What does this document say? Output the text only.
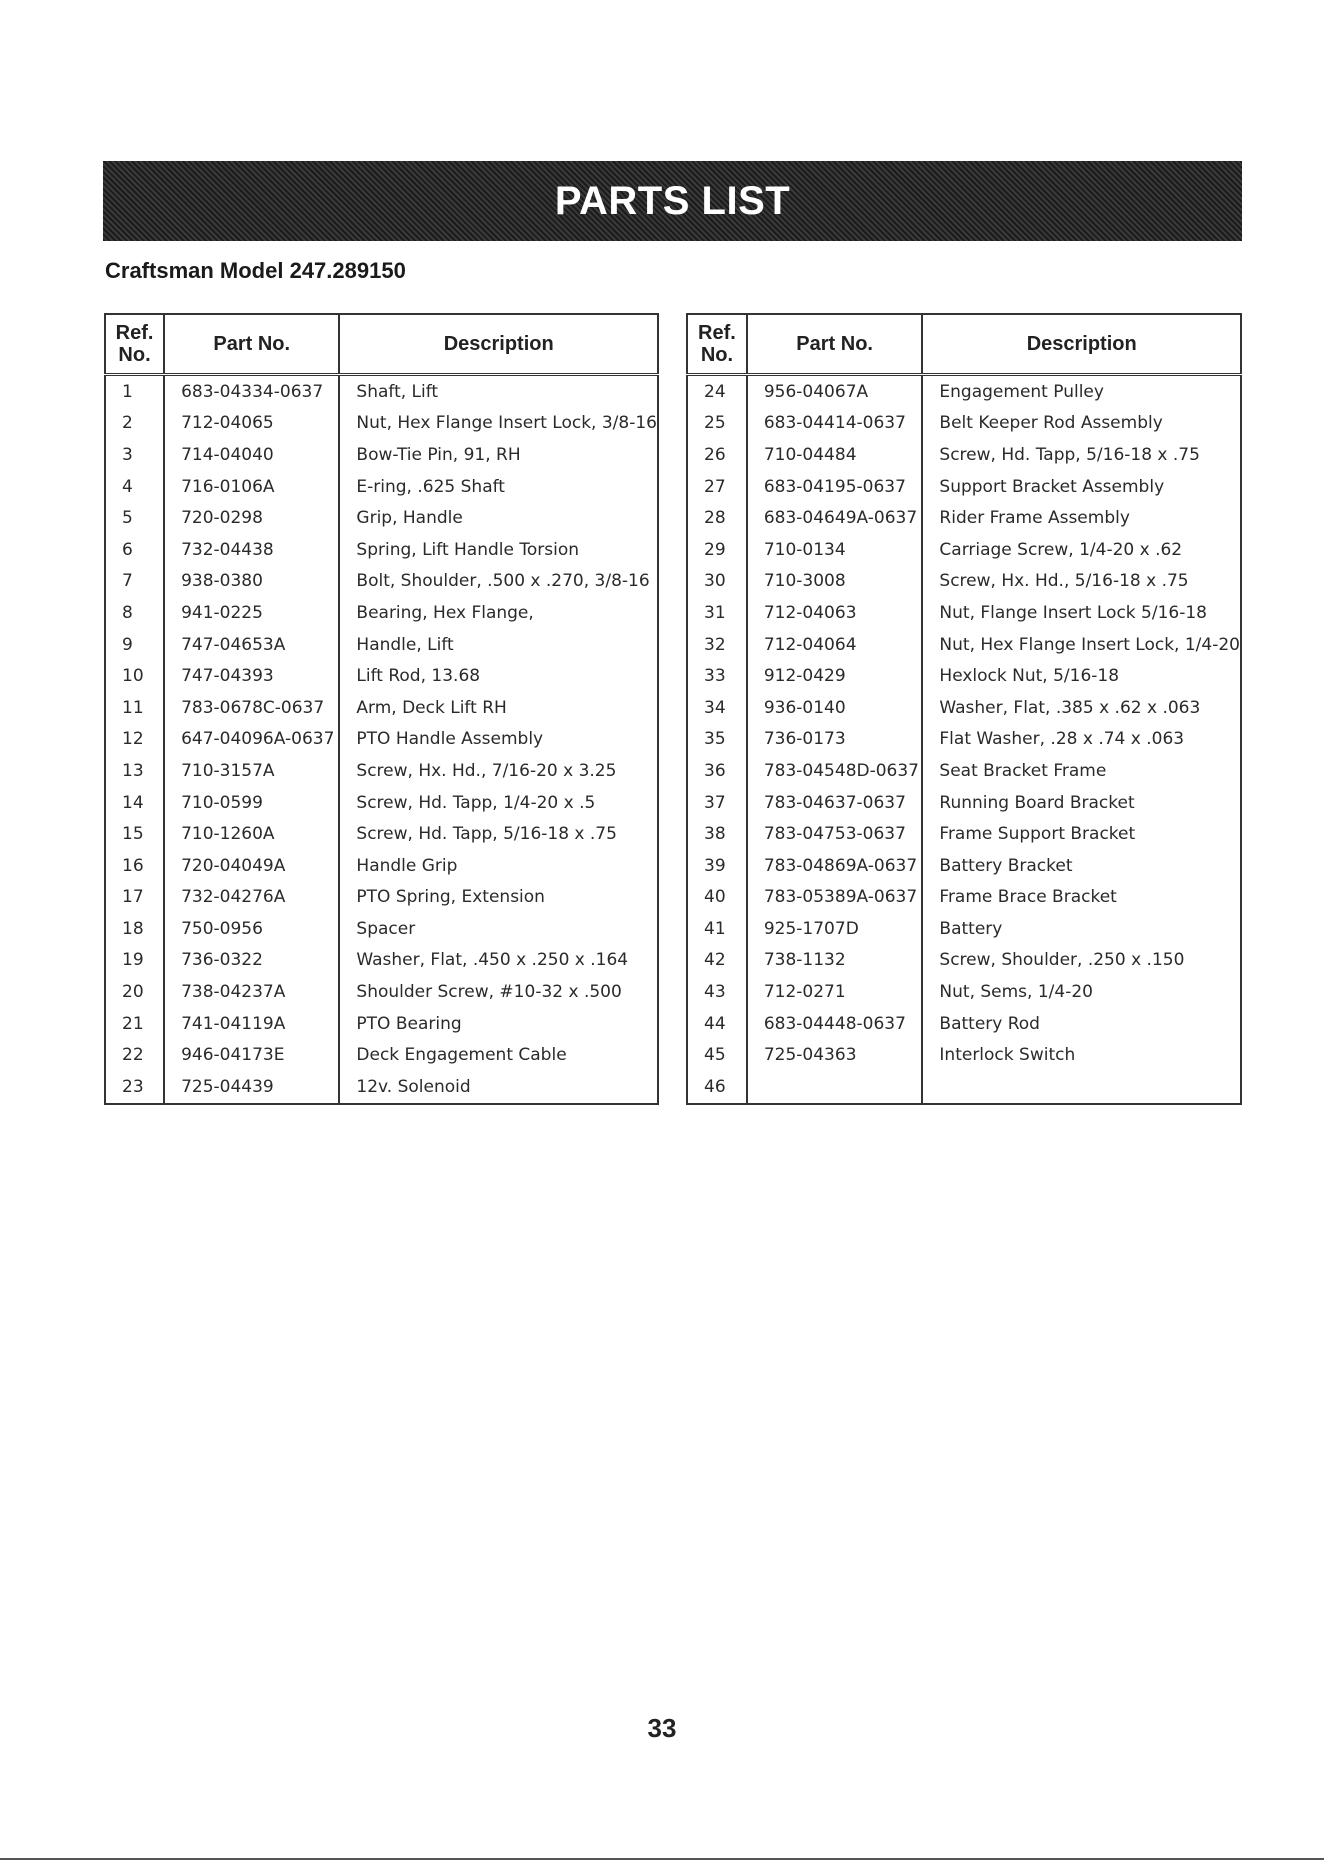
PARTS LIST
Craftsman Model 247.289150
Ref.
No.	Part No.	Description
1	683-04334-0637	Shaft, Lift
2	712-04065	Nut, Hex Flange Insert Lock, 3/8-16
3	714-04040	Bow-Tie Pin, 91, RH
4	716-0106A	E-ring, .625 Shaft
5	720-0298	Grip, Handle
6	732-04438	Spring, Lift Handle Torsion
7	938-0380	Bolt, Shoulder, .500 x .270, 3/8-16
8	941-0225	Bearing, Hex Flange,
9	747-04653A	Handle, Lift
10	747-04393	Lift Rod, 13.68
11	783-0678C-0637	Arm, Deck Lift RH
12	647-04096A-0637	PTO Handle Assembly
13	710-3157A	Screw, Hx. Hd., 7/16-20 x 3.25
14	710-0599	Screw, Hd. Tapp, 1/4-20 x .5
15	710-1260A	Screw, Hd. Tapp, 5/16-18 x .75
16	720-04049A	Handle Grip
17	732-04276A	PTO Spring, Extension
18	750-0956	Spacer
19	736-0322	Washer, Flat, .450 x .250 x .164
20	738-04237A	Shoulder Screw, #10-32 x .500
21	741-04119A	PTO Bearing
22	946-04173E	Deck Engagement Cable
23	725-04439	12v. Solenoid
Ref.
No.	Part No.	Description
24	956-04067A	Engagement Pulley
25	683-04414-0637	Belt Keeper Rod Assembly
26	710-04484	Screw, Hd. Tapp, 5/16-18 x .75
27	683-04195-0637	Support Bracket Assembly
28	683-04649A-0637	Rider Frame Assembly
29	710-0134	Carriage Screw, 1/4-20 x .62
30	710-3008	Screw, Hx. Hd., 5/16-18 x .75
31	712-04063	Nut, Flange Insert Lock 5/16-18
32	712-04064	Nut, Hex Flange Insert Lock, 1/4-20
33	912-0429	Hexlock Nut, 5/16-18
34	936-0140	Washer, Flat, .385 x .62 x .063
35	736-0173	Flat Washer, .28 x .74 x .063
36	783-04548D-0637	Seat Bracket Frame
37	783-04637-0637	Running Board Bracket
38	783-04753-0637	Frame Support Bracket
39	783-04869A-0637	Battery Bracket
40	783-05389A-0637	Frame Brace Bracket
41	925-1707D	Battery
42	738-1132	Screw, Shoulder, .250 x .150
43	712-0271	Nut, Sems, 1/4-20
44	683-04448-0637	Battery Rod
45	725-04363	Interlock Switch
46		
33
